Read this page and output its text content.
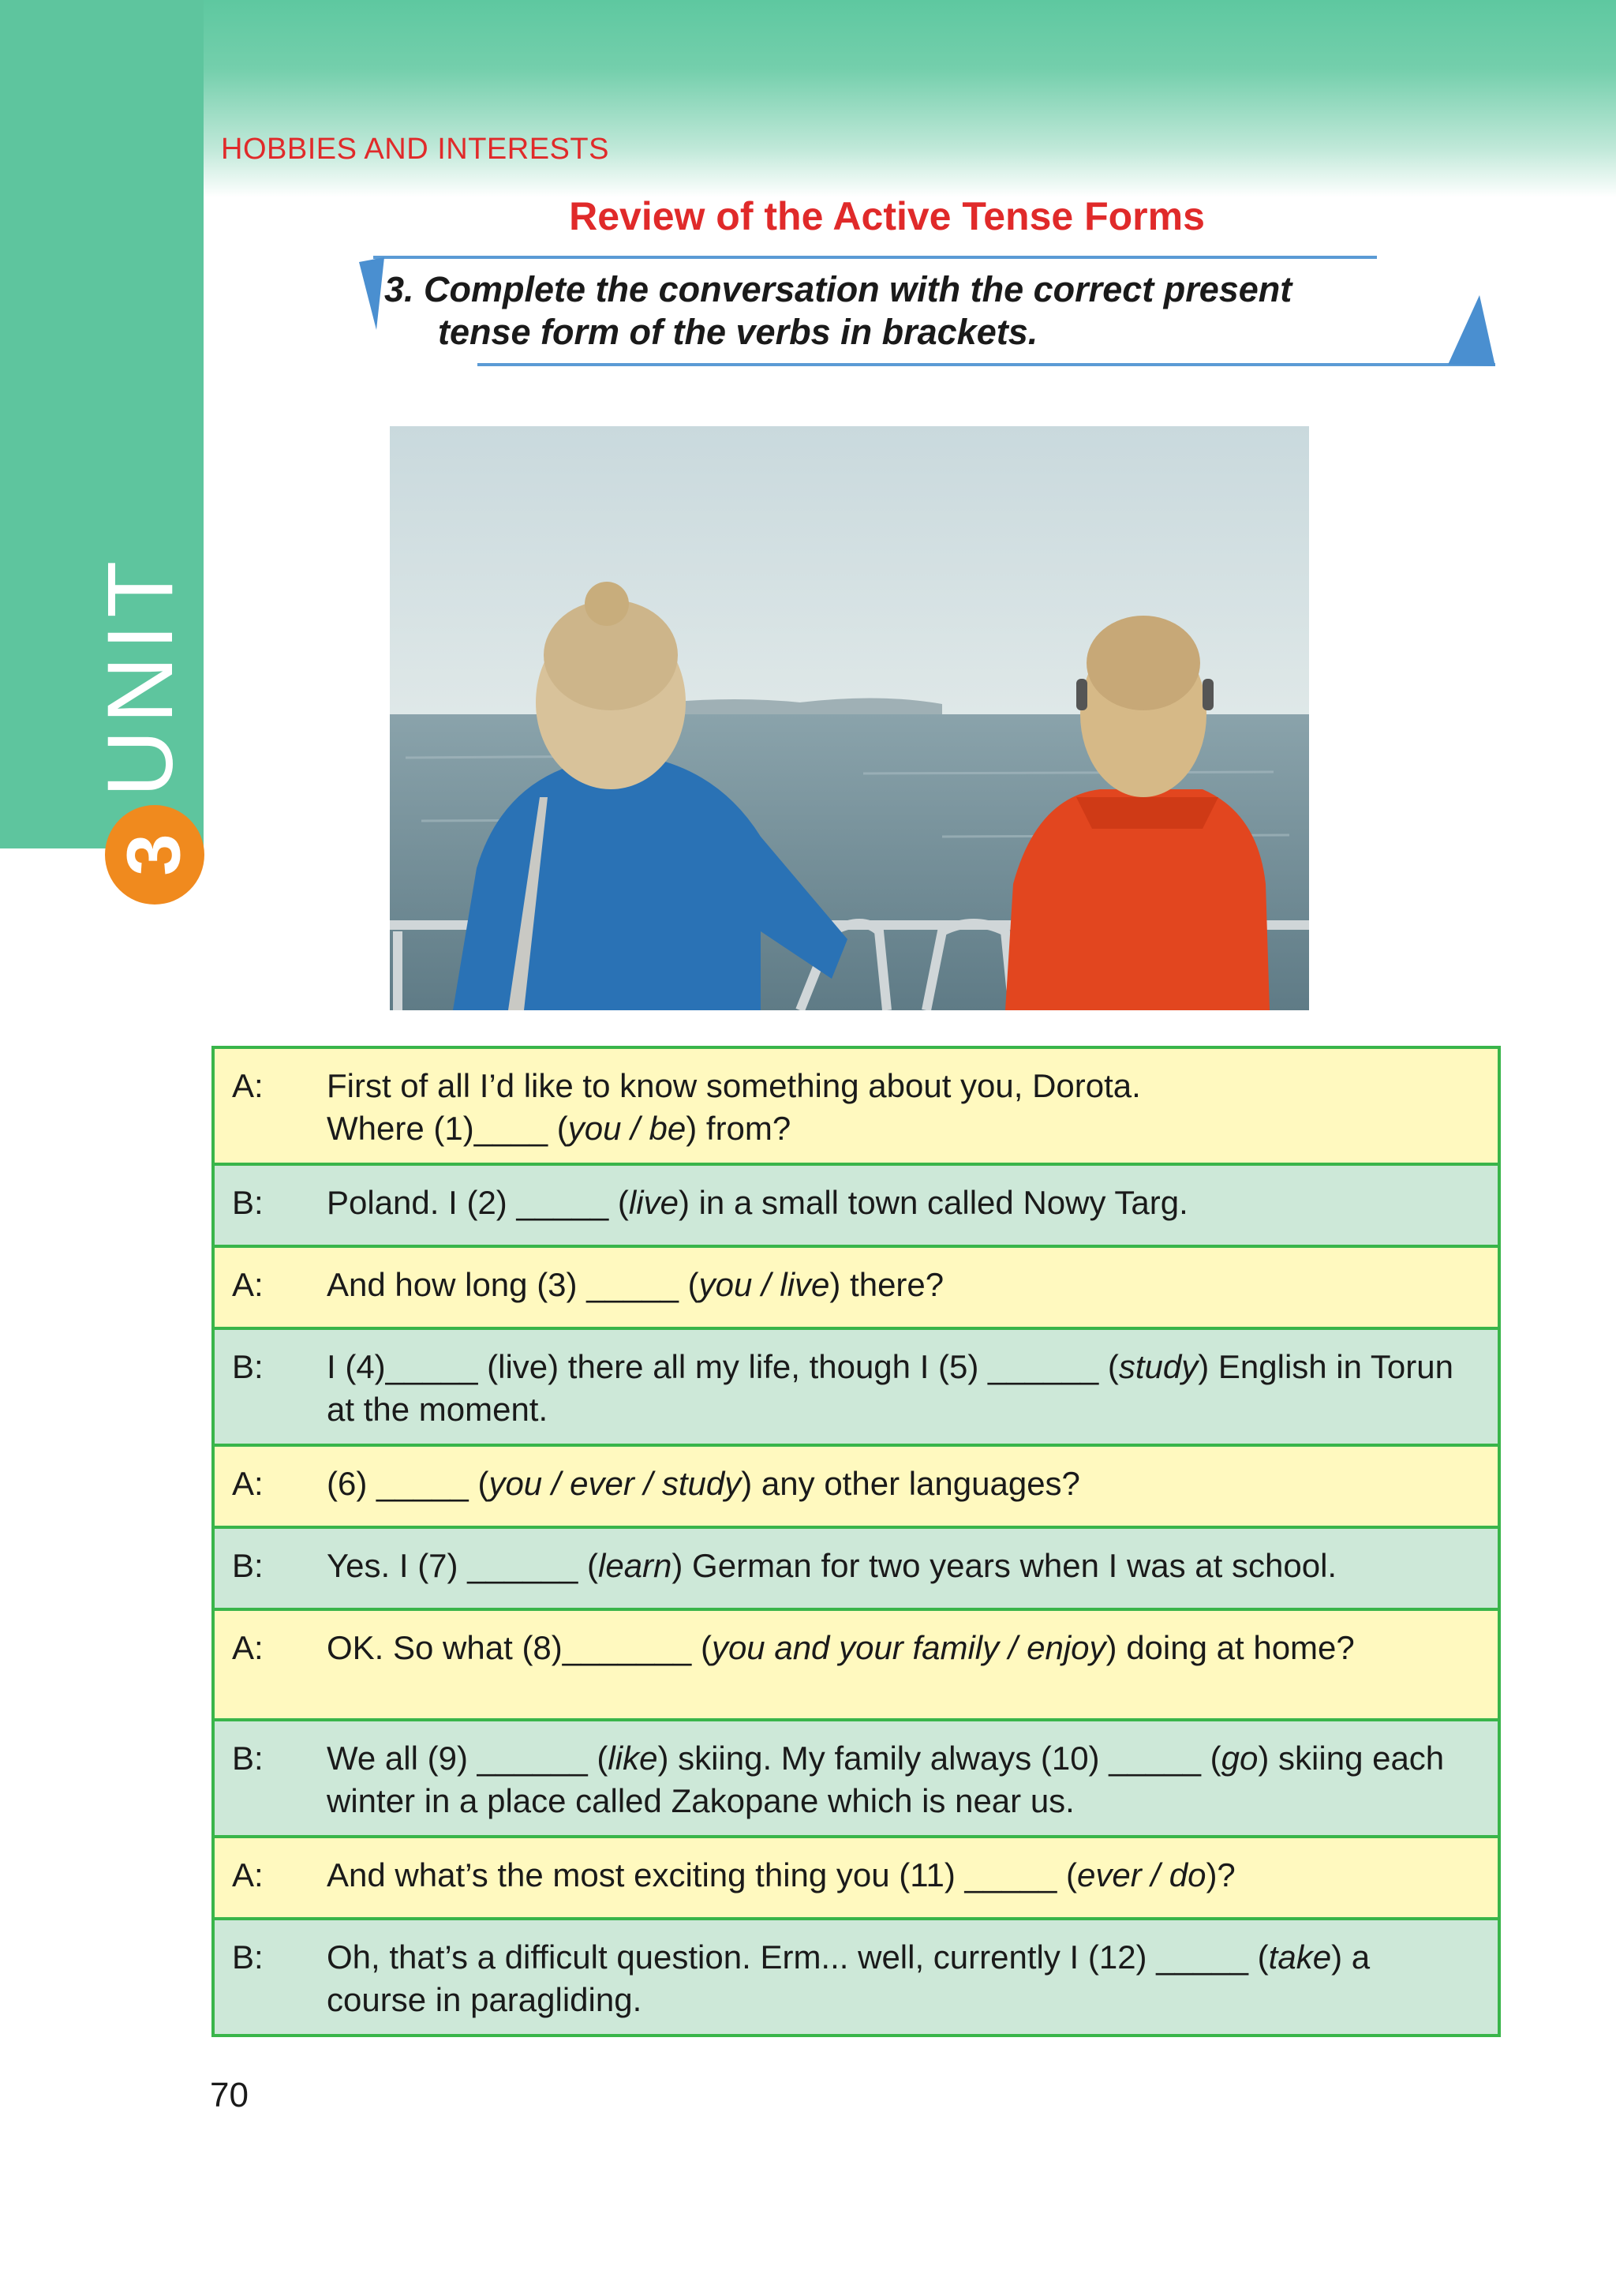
UNIT
3
HOBBIES AND INTERESTS
Review of the Active Tense Forms
3. Complete the conversation with the correct present
tense form of the verbs in brackets.
A:	First of all I’d like to know something about you, Dorota.
Where (1)____ (you / be) from?
B:	Poland. I (2) _____ (live) in a small town called Nowy Targ.
A:	And how long (3) _____ (you / live) there?
B:	I (4)_____ (live) there all my life, though I (5) ______ (study) English in Torun at the moment.
A:	(6) _____ (you / ever / study) any other languages?
B:	Yes. I (7) ______ (learn) German for two years when I was at school.
A:	OK. So what (8)_______ (you and your family / enjoy) doing at home?
B:	We all (9) ______ (like) skiing. My family always (10) _____ (go) skiing each winter in a place called Zakopane which is near us.
A:	And what’s the most exciting thing you (11) _____ (ever / do)?
B:	Oh, that’s a difficult question. Erm... well, currently I (12) _____ (take) a course in paragliding.
70
